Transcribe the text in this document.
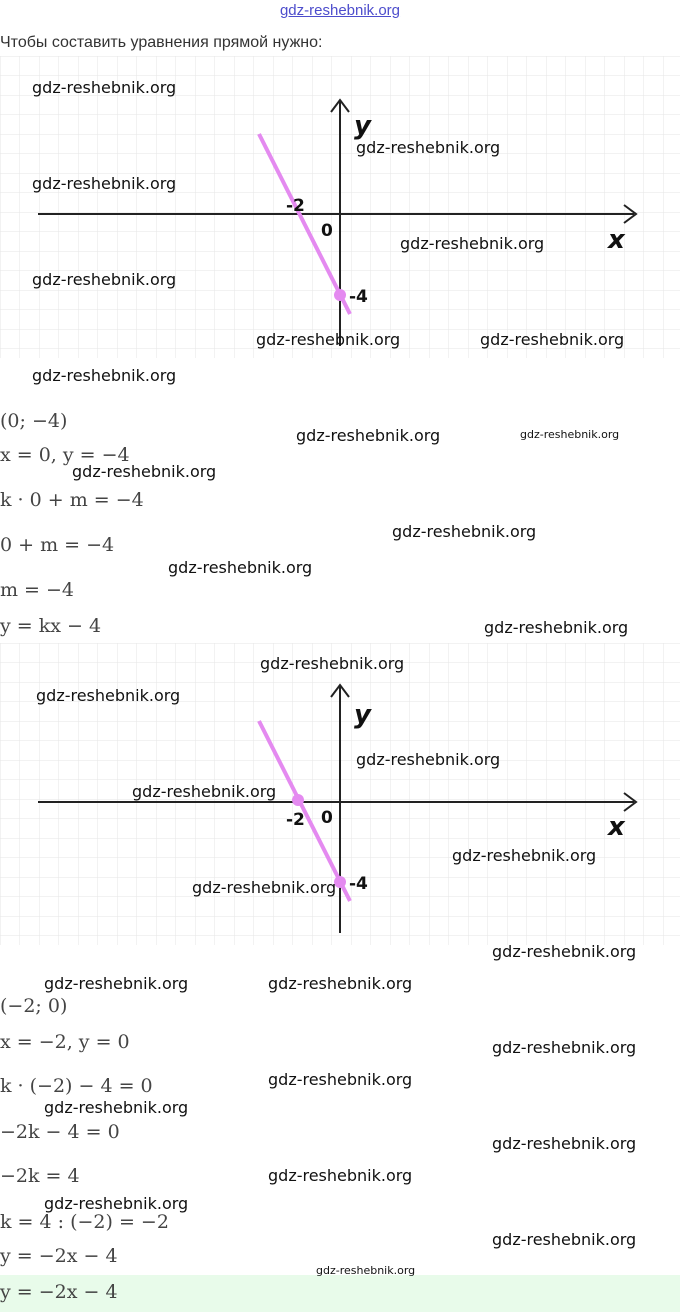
gdz-reshebnik.org
Чтобы составить уравнения прямой нужно:
y
x
0
-2
-4
(0; −4)
x = 0, y = −4
k · 0 + m = −4
0 + m = −4
m = −4
y = kx − 4
y
x
0
-2
-4
(−2; 0)
x = −2, y = 0
k · (−2) − 4 = 0
−2k − 4 = 0
−2k = 4
k = 4 : (−2) = −2
y = −2x − 4
y = −2x − 4
gdz-reshebnik.org
gdz-reshebnik.org
gdz-reshebnik.org
gdz-reshebnik.org
gdz-reshebnik.org
gdz-reshebnik.org	gdz-reshebnik.org
gdz-reshebnik.org
gdz-reshebnik.org	gdz-reshebnik.org
gdz-reshebnik.org
gdz-reshebnik.org
gdz-reshebnik.org
gdz-reshebnik.org
gdz-reshebnik.org
gdz-reshebnik.org
gdz-reshebnik.org
gdz-reshebnik.org
gdz-reshebnik.org
gdz-reshebnik.org
gdz-reshebnik.org
gdz-reshebnik.org	gdz-reshebnik.org
gdz-reshebnik.org
gdz-reshebnik.org
gdz-reshebnik.org
gdz-reshebnik.org
gdz-reshebnik.org
gdz-reshebnik.org
gdz-reshebnik.org
gdz-reshebnik.org
